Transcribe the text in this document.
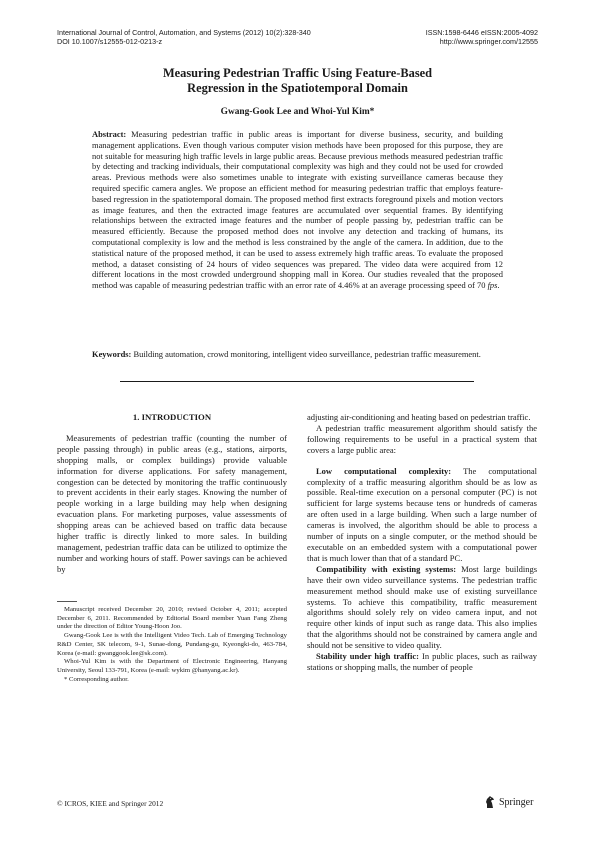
International Journal of Control, Automation, and Systems (2012) 10(2):328-340
DOI 10.1007/s12555-012-0213-z
ISSN:1598-6446 eISSN:2005-4092
http://www.springer.com/12555
Measuring Pedestrian Traffic Using Feature-Based
Regression in the Spatiotemporal Domain
Gwang-Gook Lee and Whoi-Yul Kim*
Abstract: Measuring pedestrian traffic in public areas is important for diverse business, security, and building management applications. Even though various computer vision methods have been proposed for this purpose, they are not suitable for measuring high traffic levels in large public areas. Because previous methods measured pedestrian traffic by detecting and tracking individuals, their computational complexity was high and they could not be used for crowded areas. Previous methods were also sometimes unable to integrate with existing surveillance cameras because they required specific camera angles. We propose an efficient method for measuring pedestrian traffic that employs feature-based regression in the spatiotemporal domain. The proposed method first extracts foreground pixels and motion vectors as image features, and then the extracted image features are accumulated over sequential frames. By identifying relationships between the extracted image features and the number of people passing by, pedestrian traffic can be measured efficiently. Because the proposed method does not involve any detection and tracking of humans, its computational complexity is low and the method is less constrained by the angle of the camera. In addition, due to the statistical nature of the proposed method, it can be used to assess extremely high traffic areas. To evaluate the proposed method, a dataset consisting of 24 hours of video sequences was prepared. The video data were acquired from 12 different locations in the most crowded underground shopping mall in Korea. Our studies revealed that the proposed method was capable of measuring pedestrian traffic with an error rate of 4.46% at an average processing speed of 70 fps.
Keywords: Building automation, crowd monitoring, intelligent video surveillance, pedestrian traffic measurement.
1. INTRODUCTION

Measurements of pedestrian traffic (counting the number of people passing through) in public areas (e.g., stations, airports, shopping malls, or complex buildings) provide valuable information for diverse applications. For safety management, congestion can be detected by monitoring the traffic continuously to prevent accidents in their early stages. Knowing the number of people working in a large building may help when designing evacuation plans. For marketing purposes, value assessments of shopping areas can be achieved based on traffic data because higher traffic is directly linked to more sales. In building management, pedestrian traffic data can be utilized to optimize the number and working hours of staff. Power savings can be achieved by

Manuscript received December 20, 2010; revised October 4, 2011; accepted December 6, 2011. Recommended by Editorial Board member Yuan Fang Zheng under the direction of Editor Young-Hoon Joo.

Gwang-Gook Lee is with the Intelligent Video Tech. Lab of Emerging Technology R&D Center, SK telecom, 9-1, Sunae-dong, Pundang-gu, Kyeongki-do, 463-784, Korea (e-mail: gwanggook.lee@sk.com).

Whoi-Yul Kim is with the Department of Electronic Engineering, Hanyang University, Seoul 133-791, Korea (e-mail: wykim @hanyang.ac.kr).

* Corresponding author.

adjusting air-conditioning and heating based on pedestrian traffic.

A pedestrian traffic measurement algorithm should satisfy the following requirements to be useful in a practical system that covers a large public area:

Low computational complexity: The computational complexity of a traffic measuring algorithm should be as low as possible. Real-time execution on a personal computer (PC) is not sufficient for large systems because tens or hundreds of cameras are often used in a large building. When such a large number of cameras is involved, the algorithm should be able to process a number of inputs on a single computer, or the method should be executable on an embedded system with a computational power that is much lower than that of a standard PC.

Compatibility with existing systems: Most large buildings have their own video surveillance systems. The pedestrian traffic measurement method should make use of existing surveillance systems. To achieve this compatibility, traffic measurement algorithms should solely rely on video camera input, and not require other kinds of input such as range data. This also implies that the algorithms should not be constrained by camera angle and should not be sensitive to video quality.

Stability under high traffic: In public places, such as railway stations or shopping malls, the number of people

© ICROS, KIEE and Springer 2012	Springer
